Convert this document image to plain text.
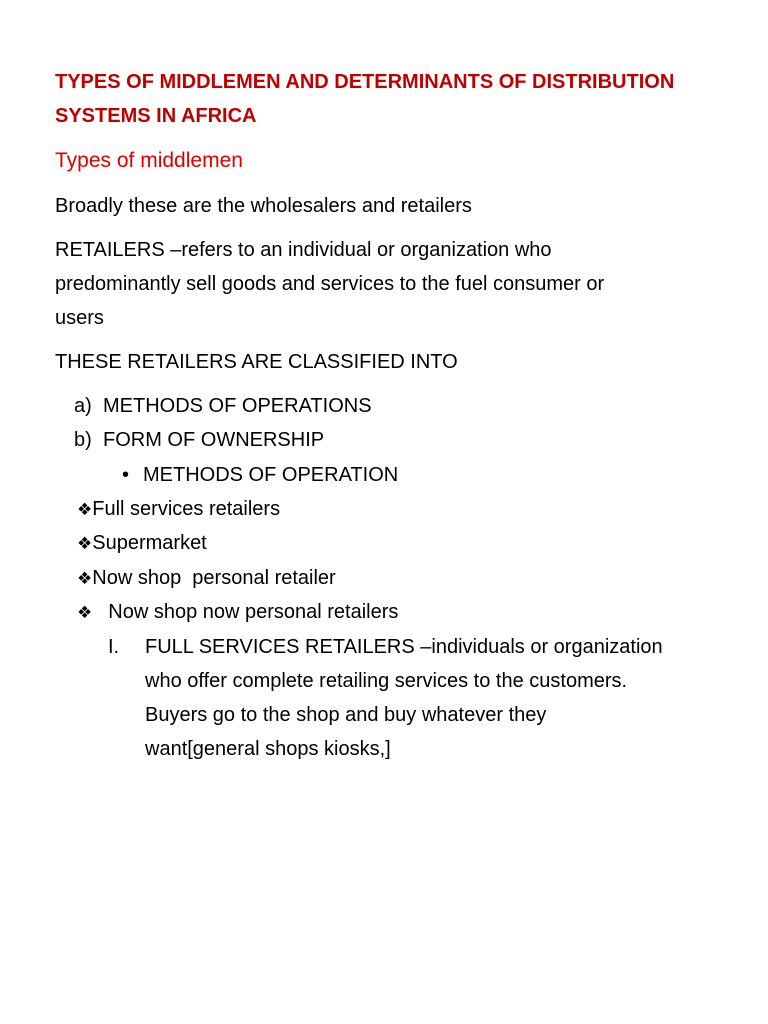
TYPES OF MIDDLEMEN AND DETERMINANTS OF DISTRIBUTION
SYSTEMS IN AFRICA
Types of middlemen
Broadly these are the wholesalers and retailers
RETAILERS –refers to an individual or organization who
predominantly sell goods and services to the fuel consumer or
users
THESE RETAILERS ARE CLASSIFIED INTO
a) METHODS OF OPERATIONS
b) FORM OF OWNERSHIP
• METHODS OF OPERATION
❖Full services retailers
❖Supermarket
❖Now shop  personal retailer
❖ Now shop now personal retailers
I. FULL SERVICES RETAILERS –individuals or organization
who offer complete retailing services to the customers.
Buyers go to the shop and buy whatever they
want[general shops kiosks,]
